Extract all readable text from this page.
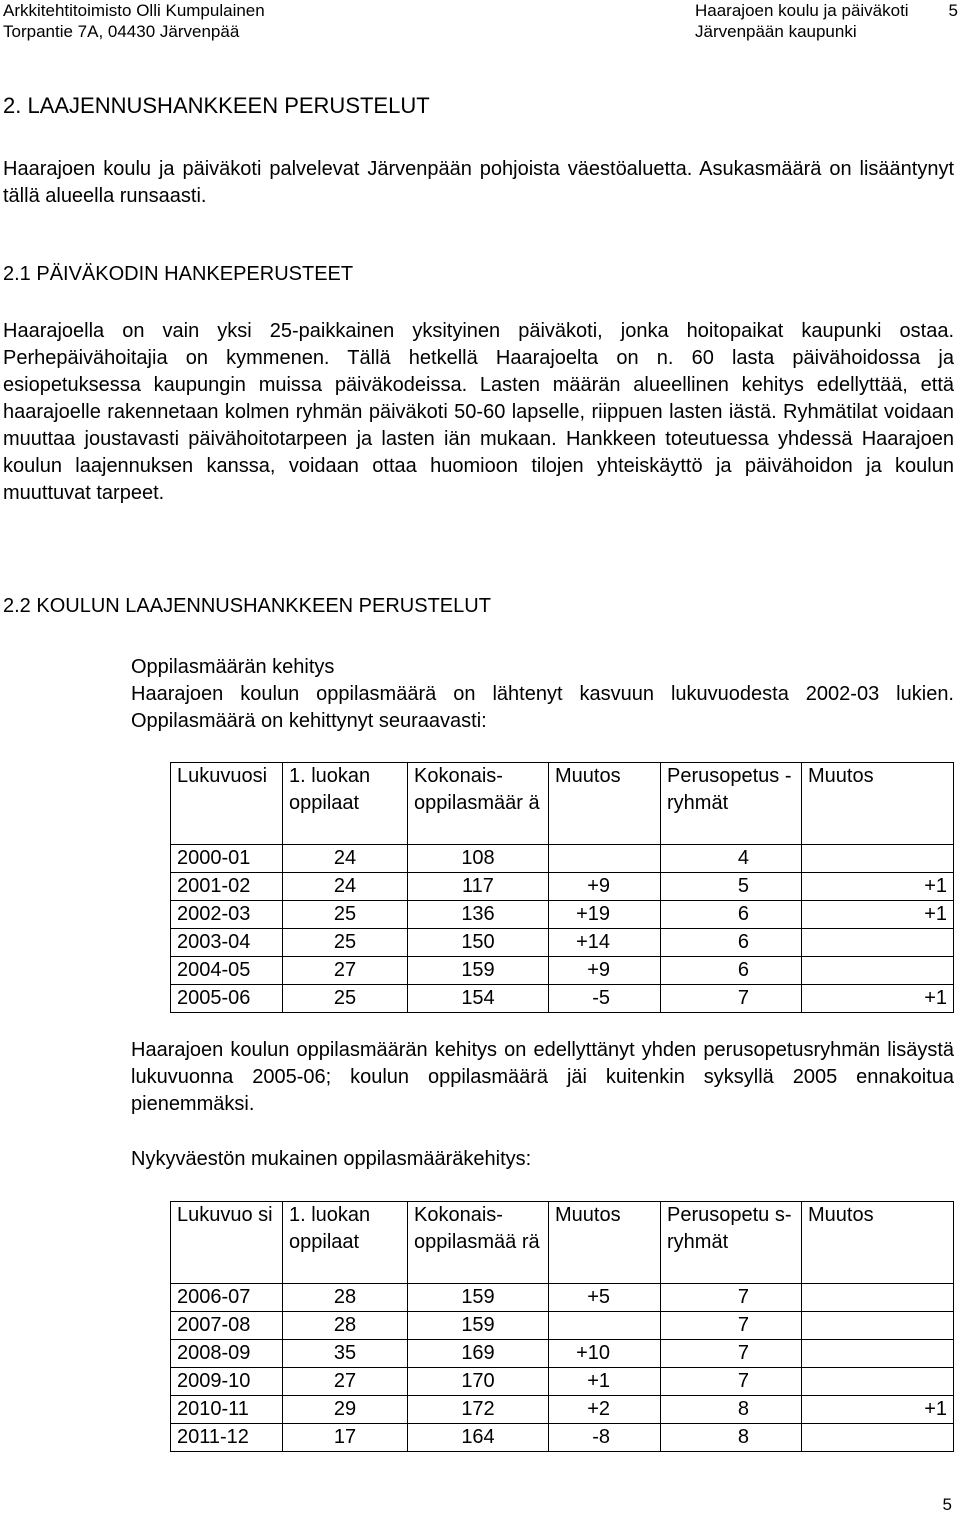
Arkkitehtitoimisto Olli Kumpulainen
Torpantie 7A, 04430 Järvenpää
Haarajoen koulu ja päiväkoti
Järvenpään kaupunki
5
2. LAAJENNUSHANKKEEN PERUSTELUT
Haarajoen koulu ja päiväkoti palvelevat Järvenpään pohjoista väestöaluetta. Asukasmäärä on lisääntynyt tällä alueella runsaasti.
2.1 PÄIVÄKODIN HANKEPERUSTEET
Haarajoella on vain yksi 25-paikkainen yksityinen päiväkoti, jonka hoitopaikat kaupunki ostaa. Perhepäivähoitajia on kymmenen. Tällä hetkellä Haarajoelta on n. 60 lasta päivähoidossa ja esiopetuksessa kaupungin muissa päiväkodeissa. Lasten määrän alueellinen kehitys edellyttää, että haarajoelle rakennetaan kolmen ryhmän päiväkoti 50-60 lapselle, riippuen lasten iästä. Ryhmätilat voidaan muuttaa joustavasti päivähoitotarpeen ja lasten iän mukaan. Hankkeen toteutuessa yhdessä Haarajoen koulun laajennuksen kanssa, voidaan ottaa huomioon tilojen yhteiskäyttö ja päivähoidon ja koulun muuttuvat tarpeet.
2.2 KOULUN LAAJENNUSHANKKEEN PERUSTELUT
Oppilasmäärän kehitys
Haarajoen koulun oppilasmäärä on lähtenyt kasvuun lukuvuodesta 2002-03 lukien. Oppilasmäärä on kehittynyt seuraavasti:
Lukuvuosi	1. luokan oppilaat	Kokonais-oppilasmäär ä	Muutos	Perusopetus -ryhmät	Muutos
2000-01	24	108		4	
2001-02	24	117	+9	5	+1
2002-03	25	136	+19	6	+1
2003-04	25	150	+14	6	
2004-05	27	159	+9	6	
2005-06	25	154	-5	7	+1
Haarajoen koulun oppilasmäärän kehitys on edellyttänyt yhden perusopetusryhmän lisäystä lukuvuonna 2005-06; koulun oppilasmäärä jäi kuitenkin syksyllä 2005 ennakoitua pienemmäksi.
Nykyväestön mukainen oppilasmääräkehitys:
Lukuvuo si	1. luokan oppilaat	Kokonais-oppilasmää rä	Muutos	Perusopetu s-ryhmät	Muutos
2006-07	28	159	+5	7	
2007-08	28	159		7	
2008-09	35	169	+10	7	
2009-10	27	170	+1	7	
2010-11	29	172	+2	8	+1
2011-12	17	164	-8	8	
5
